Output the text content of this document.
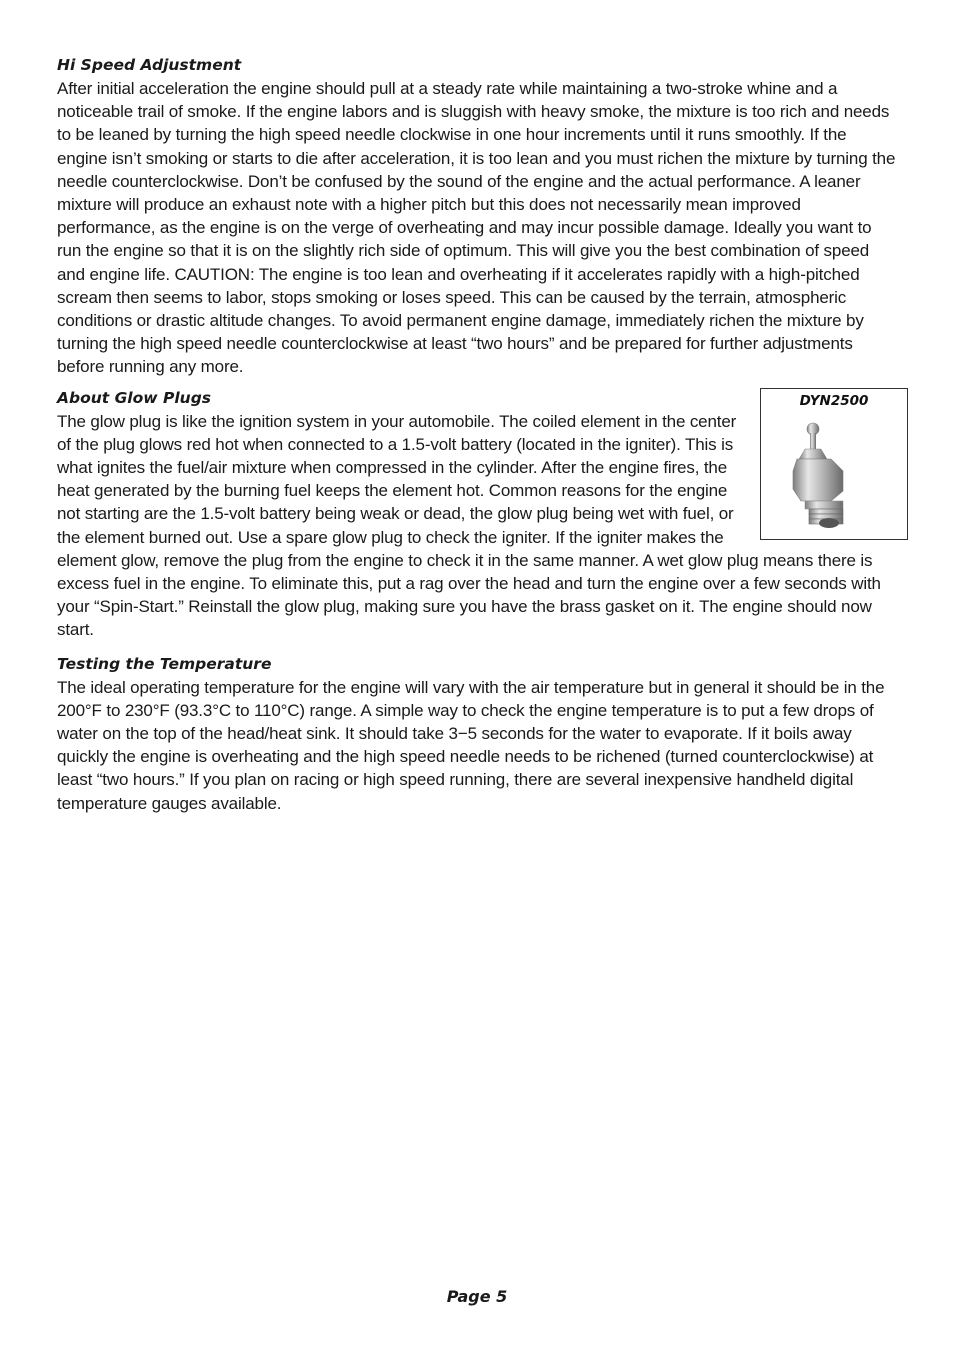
Hi Speed Adjustment

After initial acceleration the engine should pull at a steady rate while maintaining a two-stroke whine and a noticeable trail of smoke. If the engine labors and is sluggish with heavy smoke, the mixture is too rich and needs to be leaned by turning the high speed needle clockwise in one hour increments until it runs smoothly. If the engine isn’t smoking or starts to die after acceleration, it is too lean and you must richen the mixture by turning the needle counterclockwise. Don’t be confused by the sound of the engine and the actual performance. A leaner mixture will produce an exhaust note with a higher pitch but this does not necessarily mean improved performance, as the engine is on the verge of overheating and may incur possible damage. Ideally you want to run the engine so that it is on the slightly rich side of optimum. This will give you the best combination of speed and engine life. CAUTION: The engine is too lean and overheating if it accelerates rapidly with a high-pitched scream then seems to labor, stops smoking or loses speed. This can be caused by the terrain, atmospheric conditions or drastic altitude changes. To avoid permanent engine damage, immediately richen the mixture by turning the high speed needle counterclockwise at least “two hours” and be prepared for further adjustments before running any more.

About Glow Plugs	DYN2500

The glow plug is like the ignition system in your automobile. The coiled element in the center of the plug glows red hot when connected to a 1.5-volt battery (located in the igniter). This is what ignites the fuel/air mixture when compressed in the cylinder. After the engine fires, the heat generated by the burning fuel keeps the element hot. Common reasons for the engine not starting are the 1.5-volt battery being weak or dead, the glow plug being wet with fuel, or the element burned out. Use a spare glow plug to check the igniter. If the igniter makes the element glow, remove the plug from the engine to check it in the same manner. A wet glow plug means there is excess fuel in the engine. To eliminate this, put a rag over the head and turn the engine over a few seconds with your “Spin-Start.” Reinstall the glow plug, making sure you have the brass gasket on it. The engine should now start.

Testing the Temperature

The ideal operating temperature for the engine will vary with the air temperature but in general it should be in the 200°F to 230°F (93.3°C to 110°C) range. A simple way to check the engine temperature is to put a few drops of water on the top of the head/heat sink. It should take 3−5 seconds for the water to evaporate. If it boils away quickly the engine is overheating and the high speed needle needs to be richened (turned counterclockwise) at least “two hours.” If you plan on racing or high speed running, there are several inexpensive handheld digital temperature gauges available.

Page 5
